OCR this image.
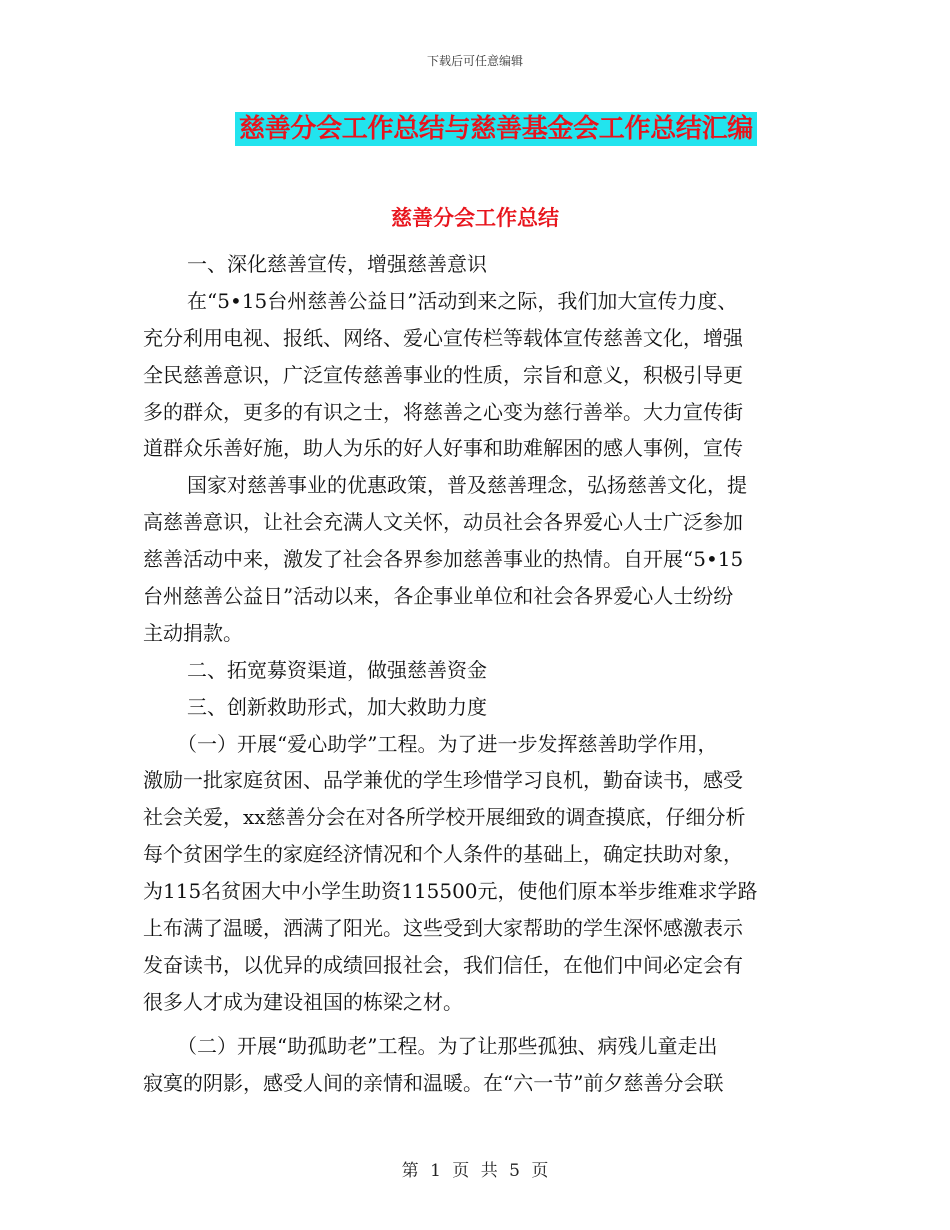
下载后可任意编辑
慈善分会工作总结与慈善基金会工作总结汇编
慈善分会工作总结
一、深化慈善宣传，增强慈善意识
在“5•15台州慈善公益日”活动到来之际，我们加大宣传力度、
充分利用电视、报纸、网络、爱心宣传栏等载体宣传慈善文化，增强
全民慈善意识，广泛宣传慈善事业的性质，宗旨和意义，积极引导更
多的群众，更多的有识之士，将慈善之心变为慈行善举。大力宣传街
道群众乐善好施，助人为乐的好人好事和助难解困的感人事例，宣传
国家对慈善事业的优惠政策，普及慈善理念，弘扬慈善文化，提
高慈善意识，让社会充满人文关怀，动员社会各界爱心人士广泛参加
慈善活动中来，激发了社会各界参加慈善事业的热情。自开展“5•15
台州慈善公益日”活动以来，各企事业单位和社会各界爱心人士纷纷
主动捐款。
二、拓宽募资渠道，做强慈善资金
三、创新救助形式，加大救助力度
（一）开展“爱心助学”工程。为了进一步发挥慈善助学作用，
激励一批家庭贫困、品学兼优的学生珍惜学习良机，勤奋读书，感受
社会关爱，xx慈善分会在对各所学校开展细致的调查摸底，仔细分析
每个贫困学生的家庭经济情况和个人条件的基础上，确定扶助对象，
为115名贫困大中小学生助资115500元，使他们原本举步维难求学路
上布满了温暖，洒满了阳光。这些受到大家帮助的学生深怀感激表示
发奋读书，以优异的成绩回报社会，我们信任，在他们中间必定会有
很多人才成为建设祖国的栋梁之材。
（二）开展“助孤助老”工程。为了让那些孤独、病残儿童走出
寂寞的阴影，感受人间的亲情和温暖。在“六一节”前夕慈善分会联
第 1 页 共 5 页
